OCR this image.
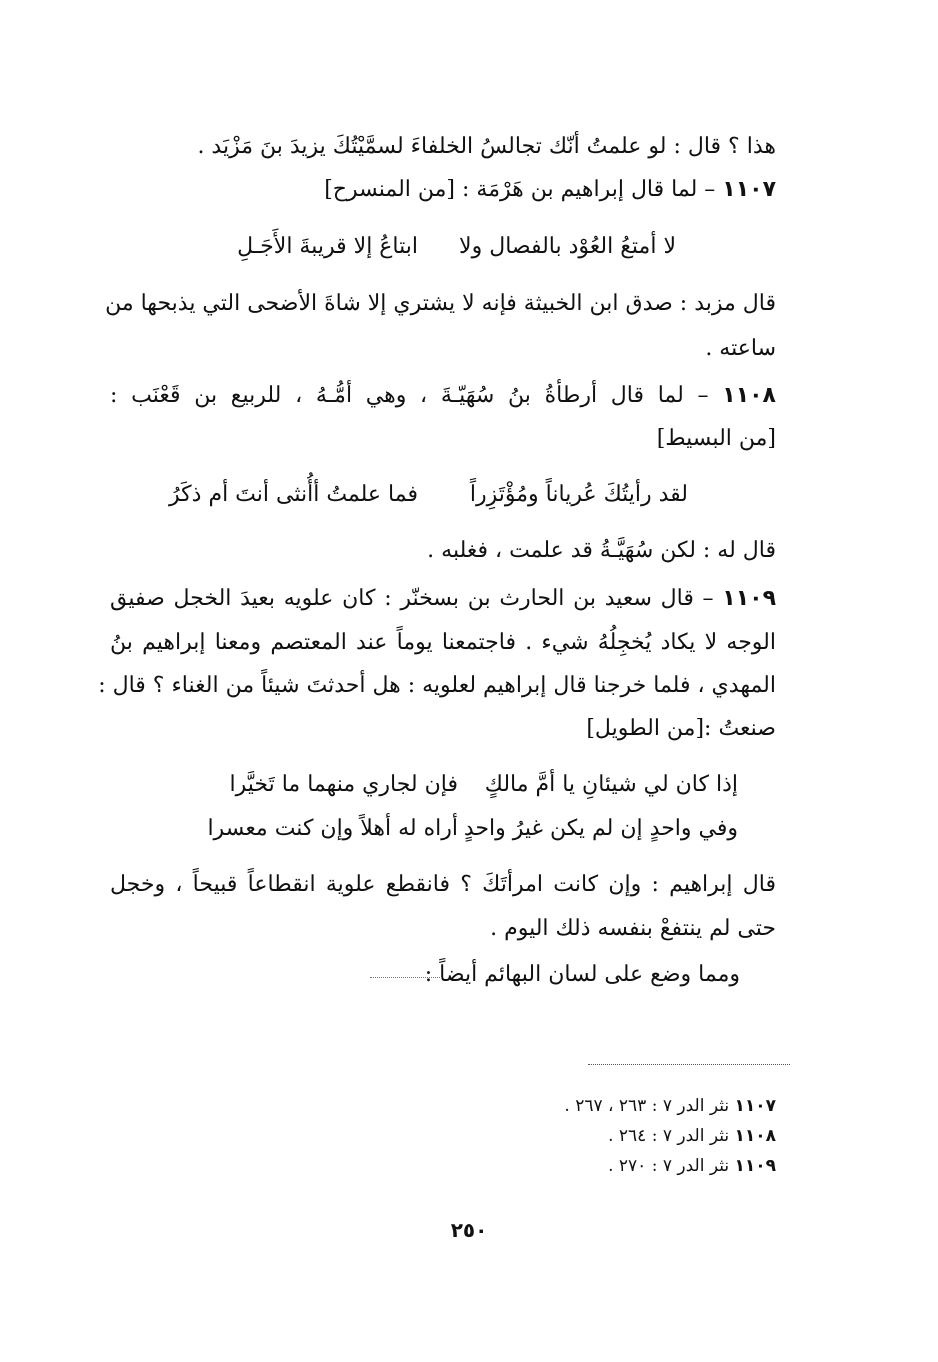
هذا ؟ قال : لو علمتُ أنّك تجالسُ الخلفاءَ لسمَّيْتُكَ يزيدَ بنَ مَزْيَد .
١١٠٧ – لما قال إبراهيم بن هَرْمَة : [من المنسرح]
لا أمتعُ العُوْد بالفصال ولا
ابتاعُ إلا قريبةَ الأَجَـلِ
قال مزبد : صدق ابن الخبيثة فإنه لا يشتري إلا شاةَ الأضحى التي يذبحها من
ساعته .
١١٠٨ – لما قال أرطأةُ بنُ سُهَيّـةَ ، وهي أمُّـهُ ، للربيع بن قَعْنَب :
[من البسيط]
لقد رأيتُكَ عُرياناً ومُؤْتَزِراً
فما علمتُ أأُنثى أنتَ أم ذكَرُ
قال له : لكن سُهَيَّـةُ قد علمت ، فغلبه .
١١٠٩ – قال سعيد بن الحارث بن بسخنّر : كان علويه بعيدَ الخجل صفيق
الوجه لا يكاد يُخجِلُهُ شيء . فاجتمعنا يوماً عند المعتصم ومعنا إبراهيم بنُ
المهدي ، فلما خرجنا قال إبراهيم لعلويه : هل أحدثتَ شيئاً من الغناء ؟ قال :
صنعتُ :[من الطويل]
إذا كان لي شيئانِ يا أمَّ مالكٍ
فإن لجاري منهما ما تَخيَّرا
وفي واحدٍ إن لم يكن غيرُ واحدٍ
أراه له أهلاً وإن كنت معسرا
قال إبراهيم : وإن كانت امرأتَكَ ؟ فانقطع علوية انقطاعاً قبيحاً ، وخجل
حتى لم ينتفعْ بنفسه ذلك اليوم .
ومما وضع على لسان البهائم أيضاً :
١١٠٧ نثر الدر ٧ : ٢٦٣ ، ٢٦٧ .
١١٠٨ نثر الدر ٧ : ٢٦٤ .
١١٠٩ نثر الدر ٧ : ٢٧٠ .
٢٥٠
